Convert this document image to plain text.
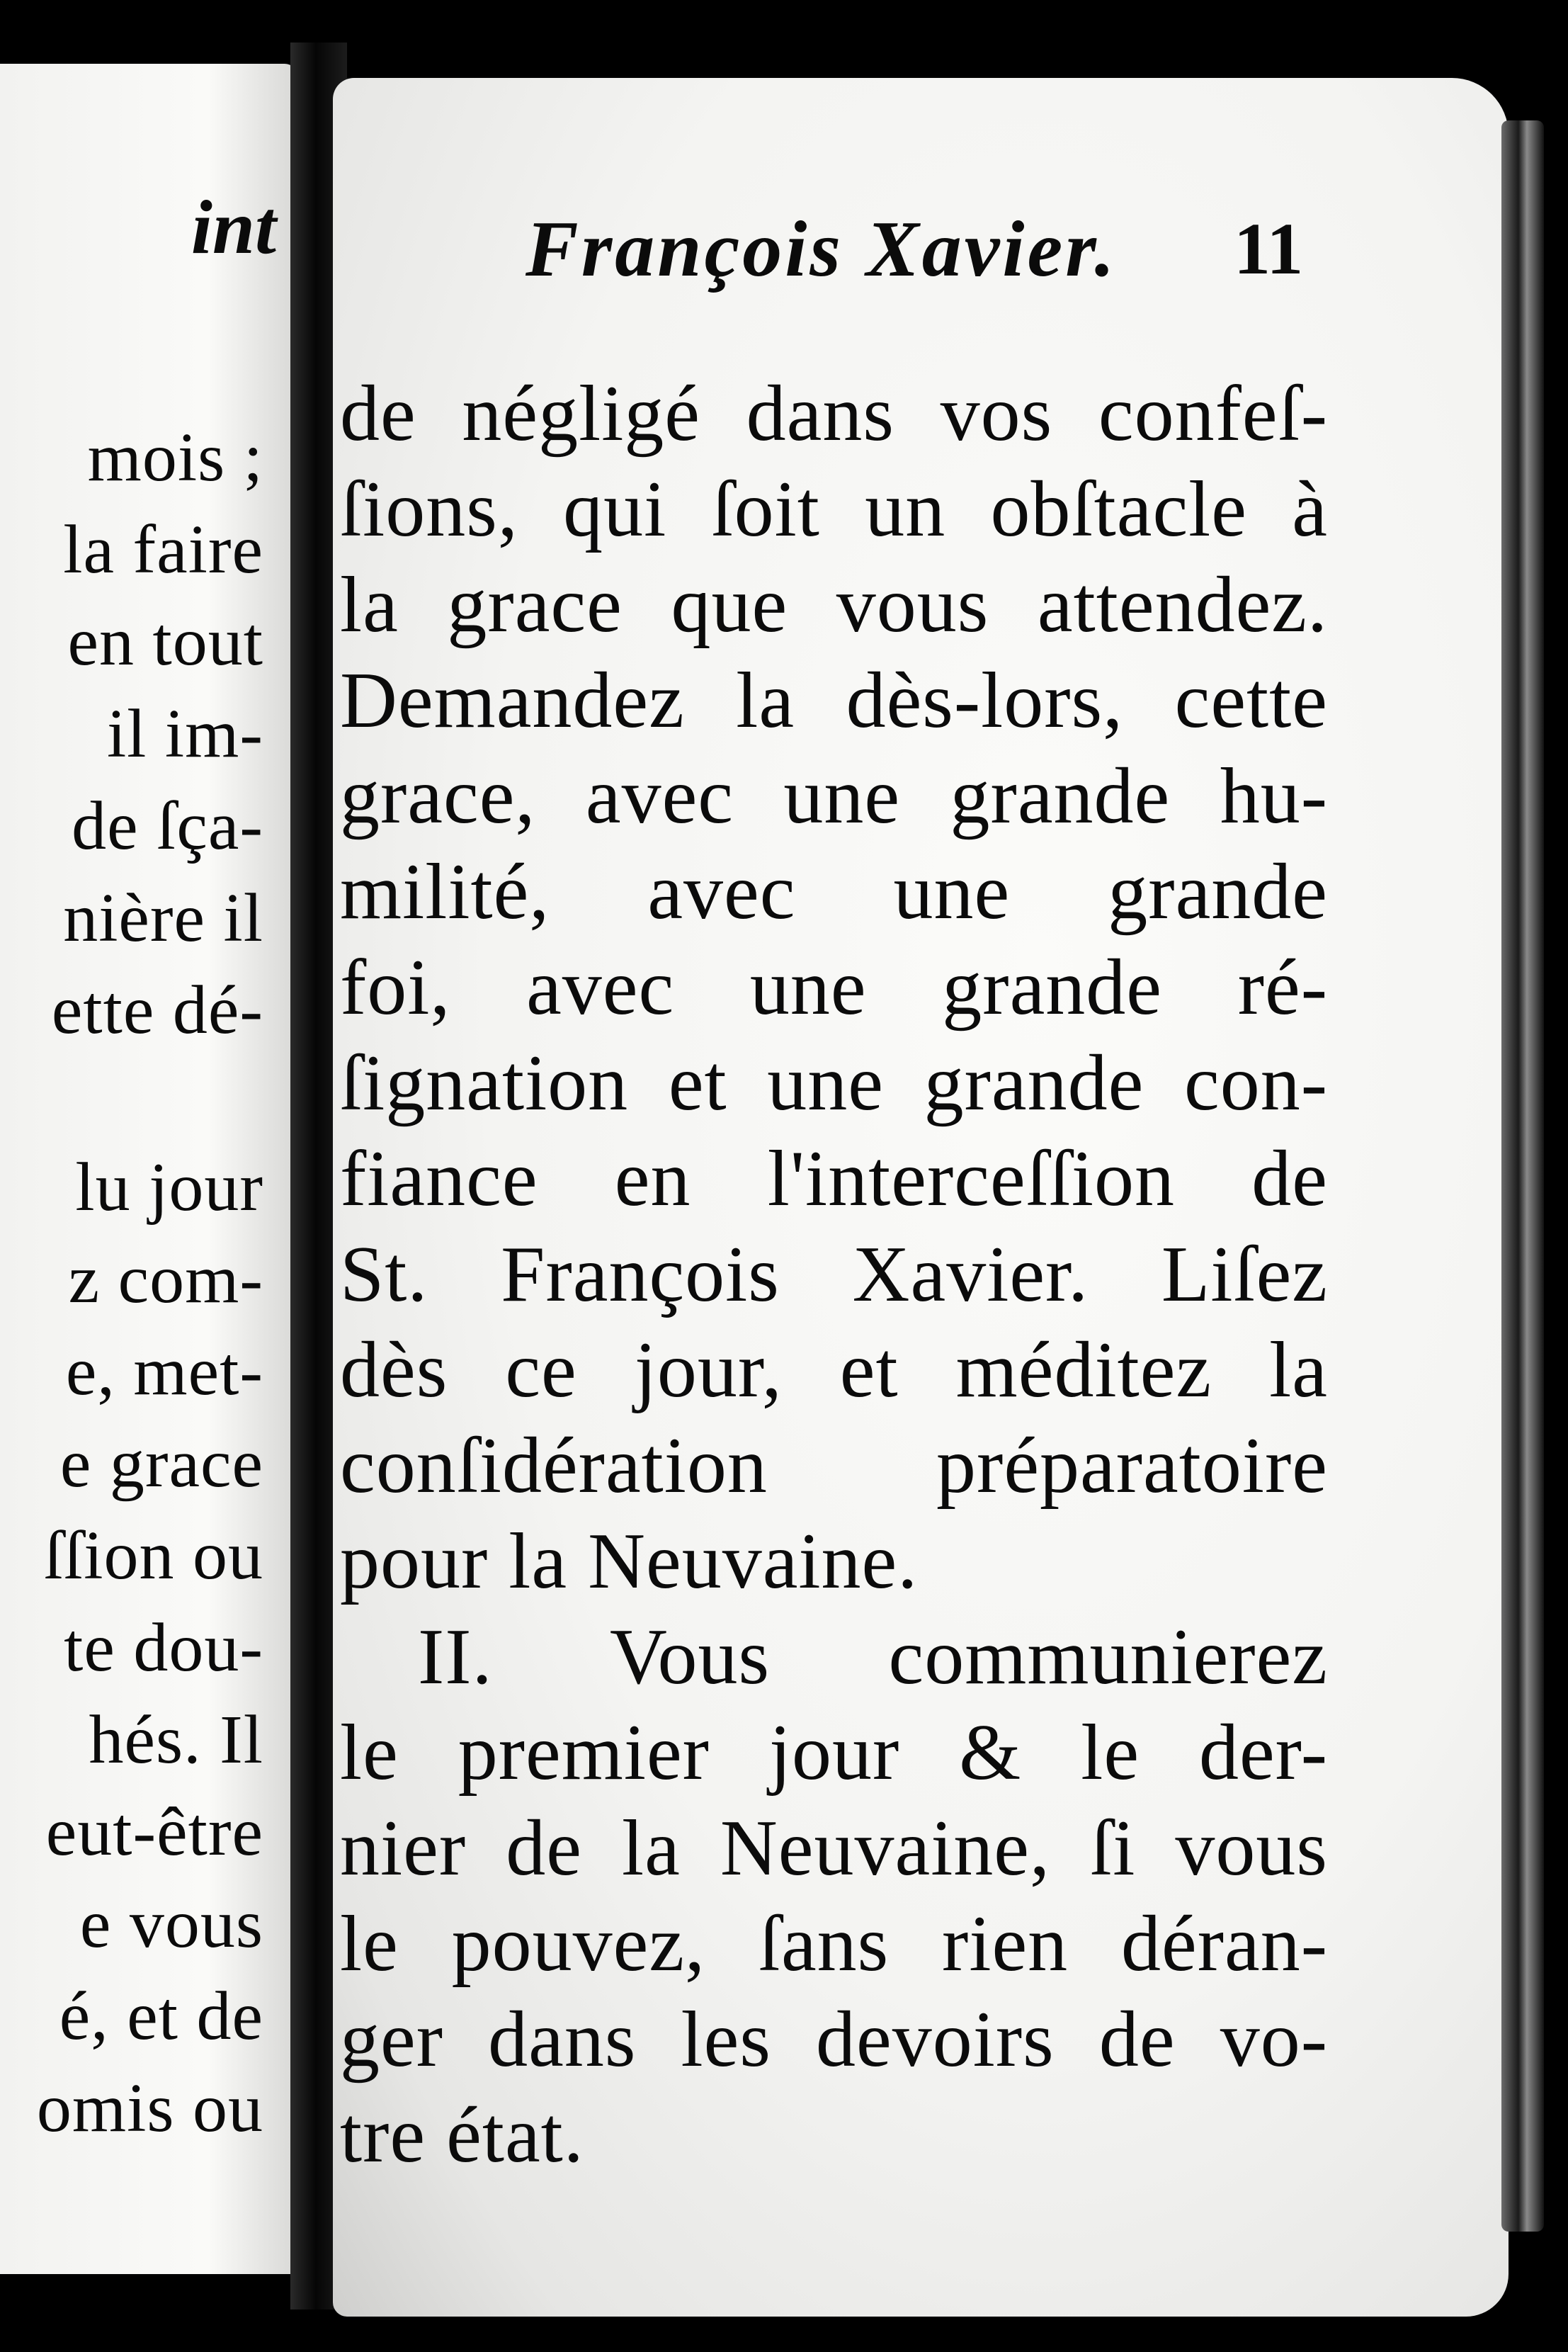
int
mois ;
la faire
en tout
il im-
de ſça-
nière il
ette dé-
lu jour
z com-
e, met-
e grace
ſſion ou
te dou-
hés. Il
eut-être
e vous
é, et de
omis ou
François Xavier. 11
de négligé dans vos confeſ-
ſions, qui ſoit un obſtacle à
la grace que vous attendez.
Demandez la dès-lors, cette
grace, avec une grande hu-
milité, avec une grande
foi, avec une grande ré-
ſignation et une grande con-
fiance en l'interceſſion de
St. François Xavier. Liſez
dès ce jour, et méditez la
conſidération préparatoire
pour la Neuvaine.
II. Vous communierez
le premier jour & le der-
nier de la Neuvaine, ſi vous
le pouvez, ſans rien déran-
ger dans les devoirs de vo-
tre état.
